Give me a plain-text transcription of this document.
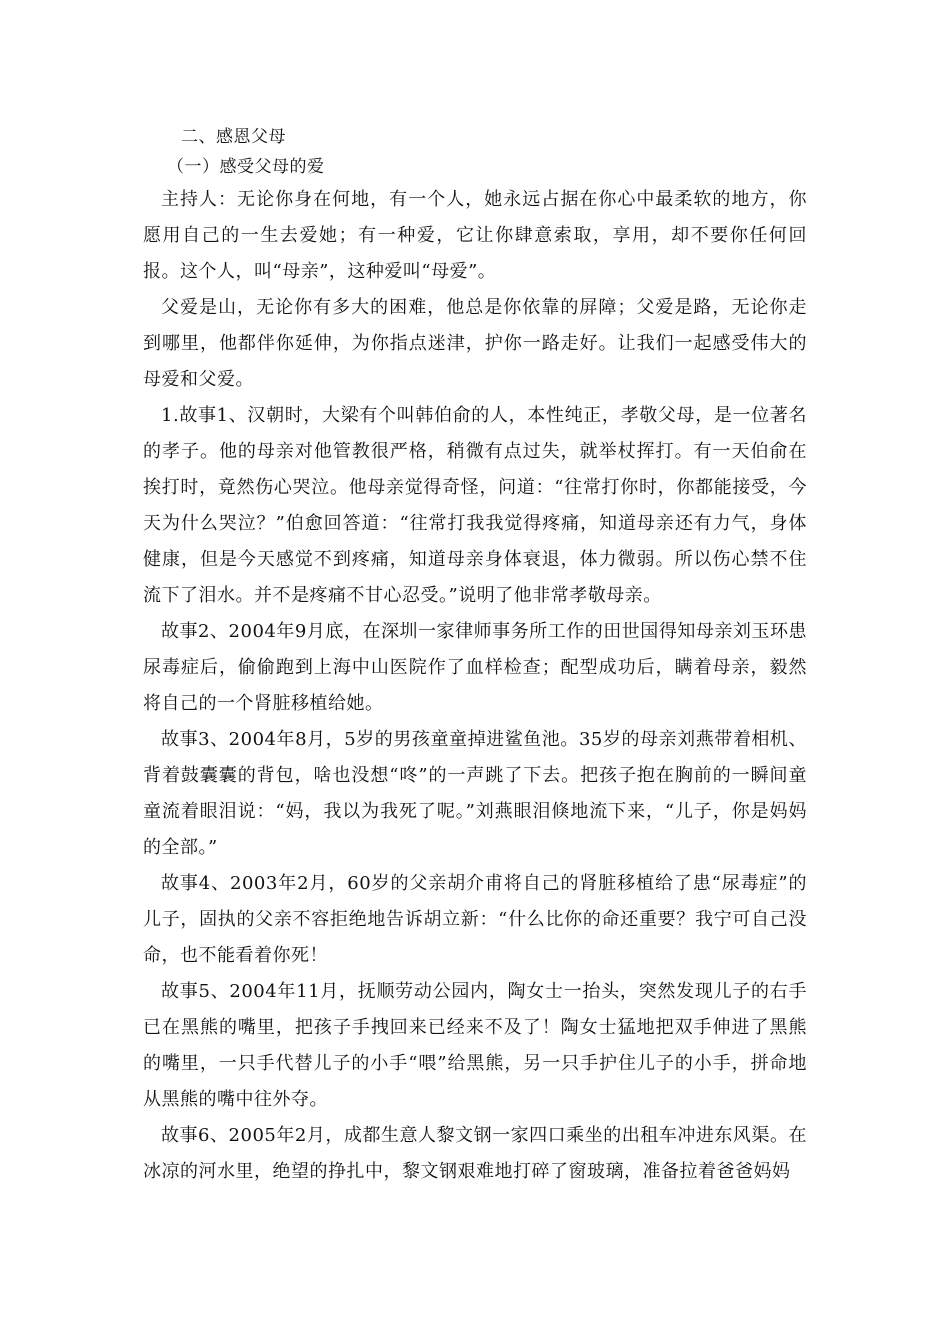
二、感恩父母

（一）感受父母的爱

主持人：无论你身在何地，有一个人，她永远占据在你心中最柔软的地方，你愿用自己的一生去爱她；有一种爱，它让你肆意索取，享用，却不要你任何回报。这个人，叫“母亲”，这种爱叫“母爱”。

父爱是山，无论你有多大的困难，他总是你依靠的屏障；父爱是路，无论你走到哪里，他都伴你延伸，为你指点迷津，护你一路走好。让我们一起感受伟大的母爱和父爱。

1.故事1、汉朝时，大梁有个叫韩伯俞的人，本性纯正，孝敬父母，是一位著名的孝子。他的母亲对他管教很严格，稍微有点过失，就举杖挥打。有一天伯俞在挨打时，竟然伤心哭泣。他母亲觉得奇怪，问道：“往常打你时，你都能接受，今天为什么哭泣？”伯愈回答道：“往常打我我觉得疼痛，知道母亲还有力气，身体健康，但是今天感觉不到疼痛，知道母亲身体衰退，体力微弱。所以伤心禁不住流下了泪水。并不是疼痛不甘心忍受。”说明了他非常孝敬母亲。

故事2、2004年9月底，在深圳一家律师事务所工作的田世国得知母亲刘玉环患尿毒症后，偷偷跑到上海中山医院作了血样检查；配型成功后，瞒着母亲，毅然将自己的一个肾脏移植给她。

故事3、2004年8月，5岁的男孩童童掉进鲨鱼池。35岁的母亲刘燕带着相机、背着鼓囊囊的背包，啥也没想“咚”的一声跳了下去。把孩子抱在胸前的一瞬间童童流着眼泪说：“妈，我以为我死了呢。”刘燕眼泪倏地流下来，“儿子，你是妈妈的全部。”

故事4、2003年2月，60岁的父亲胡介甫将自己的肾脏移植给了患“尿毒症”的儿子，固执的父亲不容拒绝地告诉胡立新：“什么比你的命还重要？我宁可自己没命，也不能看着你死！

故事5、2004年11月，抚顺劳动公园内，陶女士一抬头，突然发现儿子的右手已在黑熊的嘴里，把孩子手拽回来已经来不及了！陶女士猛地把双手伸进了黑熊的嘴里，一只手代替儿子的小手“喂”给黑熊，另一只手护住儿子的小手，拼命地从黑熊的嘴中往外夺。

故事6、2005年2月，成都生意人黎文钢一家四口乘坐的出租车冲进东风渠。在冰凉的河水里，绝望的挣扎中，黎文钢艰难地打碎了窗玻璃，准备拉着爸爸妈妈
